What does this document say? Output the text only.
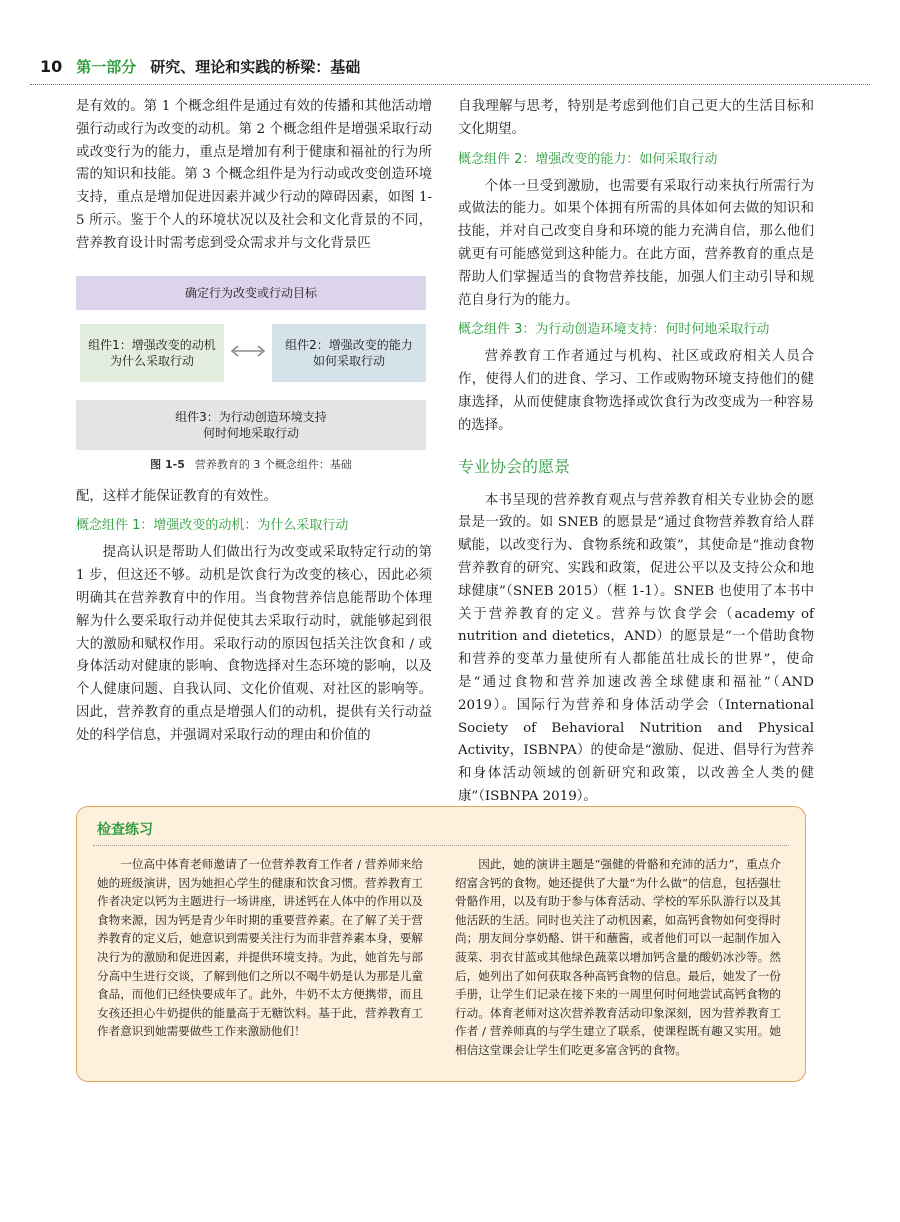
10 第一部分 研究、理论和实践的桥梁：基础

是有效的。第 1 个概念组件是通过有效的传播和其他活动增强行动或行为改变的动机。第 2 个概念组件是增强采取行动或改变行为的能力，重点是增加有利于健康和福祉的行为所需的知识和技能。第 3 个概念组件是为行动或改变创造环境支持，重点是增加促进因素并减少行动的障碍因素，如图 1-5 所示。鉴于个人的环境状况以及社会和文化背景的不同，营养教育设计时需考虑到受众需求并与文化背景匹

确定行为改变或行动目标
组件1：增强改变的动机
为什么采取行动
组件2：增强改变的能力
如何采取行动
组件3：为行动创造环境支持
何时何地采取行动
图 1-5 营养教育的 3 个概念组件：基础

配，这样才能保证教育的有效性。

概念组件 1：增强改变的动机：为什么采取行动

提高认识是帮助人们做出行为改变或采取特定行动的第 1 步，但这还不够。动机是饮食行为改变的核心，因此必须明确其在营养教育中的作用。当食物营养信息能帮助个体理解为什么要采取行动并促使其去采取行动时，就能够起到很大的激励和赋权作用。采取行动的原因包括关注饮食和 / 或身体活动对健康的影响、食物选择对生态环境的影响，以及个人健康问题、自我认同、文化价值观、对社区的影响等。因此，营养教育的重点是增强人们的动机，提供有关行动益处的科学信息，并强调对采取行动的理由和价值的

自我理解与思考，特别是考虑到他们自己更大的生活目标和文化期望。

概念组件 2：增强改变的能力：如何采取行动

个体一旦受到激励，也需要有采取行动来执行所需行为或做法的能力。如果个体拥有所需的具体如何去做的知识和技能，并对自己改变自身和环境的能力充满自信，那么他们就更有可能感觉到这种能力。在此方面，营养教育的重点是帮助人们掌握适当的食物营养技能，加强人们主动引导和规范自身行为的能力。

概念组件 3：为行动创造环境支持：何时何地采取行动

营养教育工作者通过与机构、社区或政府相关人员合作，使得人们的进食、学习、工作或购物环境支持他们的健康选择，从而使健康食物选择或饮食行为改变成为一种容易的选择。

专业协会的愿景

本书呈现的营养教育观点与营养教育相关专业协会的愿景是一致的。如 SNEB 的愿景是“通过食物营养教育给人群赋能，以改变行为、食物系统和政策”，其使命是“推动食物营养教育的研究、实践和政策，促进公平以及支持公众和地球健康”（SNEB 2015）（框 1-1）。SNEB 也使用了本书中关于营养教育的定义。营养与饮食学会（academy of nutrition and dietetics，AND）的愿景是“一个借助食物和营养的变革力量使所有人都能茁壮成长的世界”，使命是“通过食物和营养加速改善全球健康和福祉”（AND 2019）。国际行为营养和身体活动学会（International Society of Behavioral Nutrition and Physical Activity，ISBNPA）的使命是“激励、促进、倡导行为营养和身体活动领域的创新研究和政策，以改善全人类的健康”（ISBNPA 2019）。

检查练习

一位高中体育老师邀请了一位营养教育工作者 / 营养师来给她的班级演讲，因为她担心学生的健康和饮食习惯。营养教育工作者决定以钙为主题进行一场讲座，讲述钙在人体中的作用以及食物来源，因为钙是青少年时期的重要营养素。在了解了关于营养教育的定义后，她意识到需要关注行为而非营养素本身，要解决行为的激励和促进因素，并提供环境支持。为此，她首先与部分高中生进行交谈，了解到他们之所以不喝牛奶是认为那是儿童食品，而他们已经快要成年了。此外，牛奶不太方便携带，而且女孩还担心牛奶提供的能量高于无糖饮料。基于此，营养教育工作者意识到她需要做些工作来激励他们！

因此，她的演讲主题是“强健的骨骼和充沛的活力”，重点介绍富含钙的食物。她还提供了大量“为什么做”的信息，包括强壮骨骼作用，以及有助于参与体育活动、学校的军乐队游行以及其他活跃的生活。同时也关注了动机因素，如高钙食物如何变得时尚；朋友间分享奶酪、饼干和蘸酱，或者他们可以一起制作加入菠菜、羽衣甘蓝或其他绿色蔬菜以增加钙含量的酸奶冰沙等。然后，她列出了如何获取各种高钙食物的信息。最后，她发了一份手册，让学生们记录在接下来的一周里何时何地尝试高钙食物的行动。体育老师对这次营养教育活动印象深刻，因为营养教育工作者 / 营养师真的与学生建立了联系，使课程既有趣又实用。她相信这堂课会让学生们吃更多富含钙的食物。
